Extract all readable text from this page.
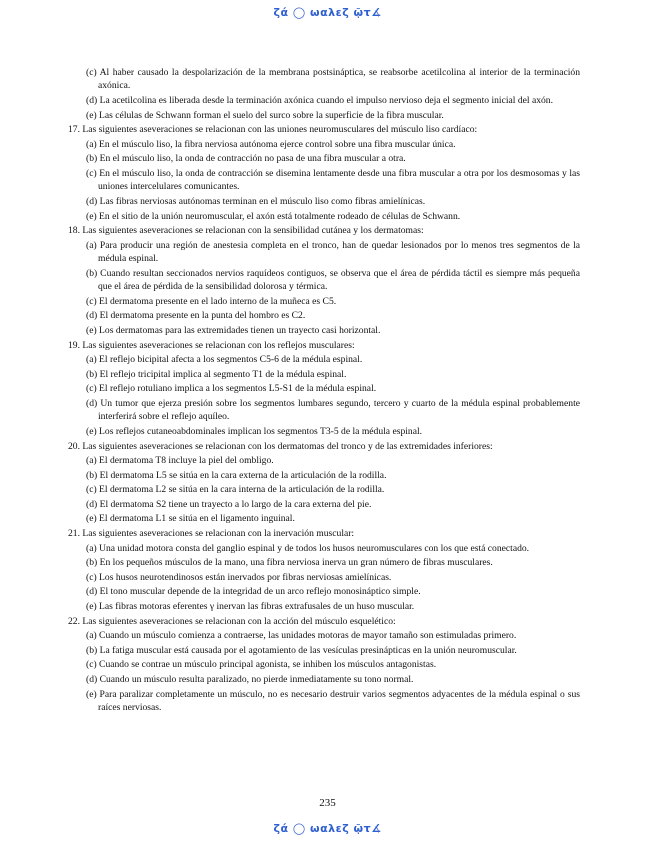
ζά ◯ ωαλεζ ῷτ∡

(c) Al haber causado la despolarización de la membrana postsináptica, se reabsorbe acetilcolina al interior de la terminación axónica.

(d) La acetilcolina es liberada desde la terminación axónica cuando el impulso nervioso deja el segmento inicial del axón.

(e) Las células de Schwann forman el suelo del surco sobre la superficie de la fibra muscular.

17. Las siguientes aseveraciones se relacionan con las uniones neuromusculares del músculo liso cardíaco:

(a) En el músculo liso, la fibra nerviosa autónoma ejerce control sobre una fibra muscular única.

(b) En el músculo liso, la onda de contracción no pasa de una fibra muscular a otra.

(c) En el músculo liso, la onda de contracción se disemina lentamente desde una fibra muscular a otra por los desmosomas y las uniones intercelulares comunicantes.

(d) Las fibras nerviosas autónomas terminan en el músculo liso como fibras amielínicas.

(e) En el sitio de la unión neuromuscular, el axón está totalmente rodeado de células de Schwann.

18. Las siguientes aseveraciones se relacionan con la sensibilidad cutánea y los dermatomas:

(a) Para producir una región de anestesia completa en el tronco, han de quedar lesionados por lo menos tres segmentos de la médula espinal.

(b) Cuando resultan seccionados nervios raquídeos contiguos, se observa que el área de pérdida táctil es siempre más pequeña que el área de pérdida de la sensibilidad dolorosa y térmica.

(c) El dermatoma presente en el lado interno de la muñeca es C5.

(d) El dermatoma presente en la punta del hombro es C2.

(e) Los dermatomas para las extremidades tienen un trayecto casi horizontal.

19. Las siguientes aseveraciones se relacionan con los reflejos musculares:

(a) El reflejo bicipital afecta a los segmentos C5-6 de la médula espinal.

(b) El reflejo tricipital implica al segmento T1 de la médula espinal.

(c) El reflejo rotuliano implica a los segmentos L5-S1 de la médula espinal.

(d) Un tumor que ejerza presión sobre los segmentos lumbares segundo, tercero y cuarto de la médula espinal probablemente interferirá sobre el reflejo aquíleo.

(e) Los reflejos cutaneoabdominales implican los segmentos T3-5 de la médula espinal.

20. Las siguientes aseveraciones se relacionan con los dermatomas del tronco y de las extremidades inferiores:

(a) El dermatoma T8 incluye la piel del ombligo.

(b) El dermatoma L5 se sitúa en la cara externa de la articulación de la rodilla.

(c) El dermatoma L2 se sitúa en la cara interna de la articulación de la rodilla.

(d) El dermatoma S2 tiene un trayecto a lo largo de la cara externa del pie.

(e) El dermatoma L1 se sitúa en el ligamento inguinal.

21. Las siguientes aseveraciones se relacionan con la inervación muscular:

(a) Una unidad motora consta del ganglio espinal y de todos los husos neuromusculares con los que está conectado.

(b) En los pequeños músculos de la mano, una fibra nerviosa inerva un gran número de fibras musculares.

(c) Los husos neurotendinosos están inervados por fibras nerviosas amielínicas.

(d) El tono muscular depende de la integridad de un arco reflejo monosináptico simple.

(e) Las fibras motoras eferentes γ inervan las fibras extrafusales de un huso muscular.

22. Las siguientes aseveraciones se relacionan con la acción del músculo esquelético:

(a) Cuando un músculo comienza a contraerse, las unidades motoras de mayor tamaño son estimuladas primero.

(b) La fatiga muscular está causada por el agotamiento de las vesículas presinápticas en la unión neuromuscular.

(c) Cuando se contrae un músculo principal agonista, se inhiben los músculos antagonistas.

(d) Cuando un músculo resulta paralizado, no pierde inmediatamente su tono normal.

(e) Para paralizar completamente un músculo, no es necesario destruir varios segmentos adyacentes de la médula espinal o sus raíces nerviosas.

235
ζά ◯ ωαλεζ ῷτ∡
